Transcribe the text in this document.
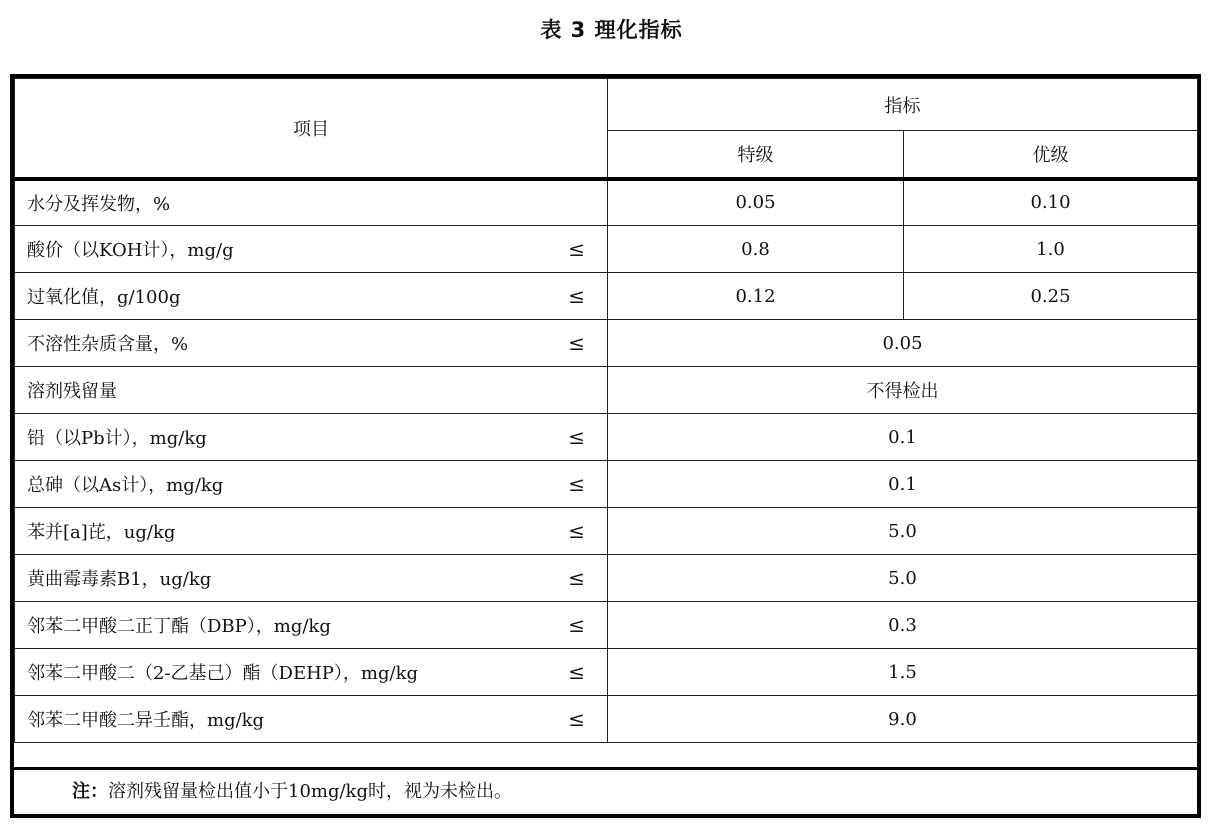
表 3 理化指标
项目	指标	
	特级	优级
水分及挥发物，%	0.05	0.10
酸价（以KOH计），mg/g ≤	0.8	1.0
过氧化值，g/100g ≤	0.12	0.25
不溶性杂质含量，% ≤	0.05	
溶剂残留量	不得检出	
铅（以Pb计），mg/kg ≤	0.1	
总砷（以As计），mg/kg ≤	0.1	
苯并[a]芘，ug/kg ≤	5.0	
黄曲霉毒素B1，ug/kg ≤	5.0	
邻苯二甲酸二正丁酯（DBP），mg/kg ≤	0.3	
邻苯二甲酸二（2-乙基己）酯（DEHP），mg/kg ≤	1.5	
邻苯二甲酸二异壬酯，mg/kg ≤	9.0	
注：溶剂残留量检出值小于10mg/kg时，视为未检出。
